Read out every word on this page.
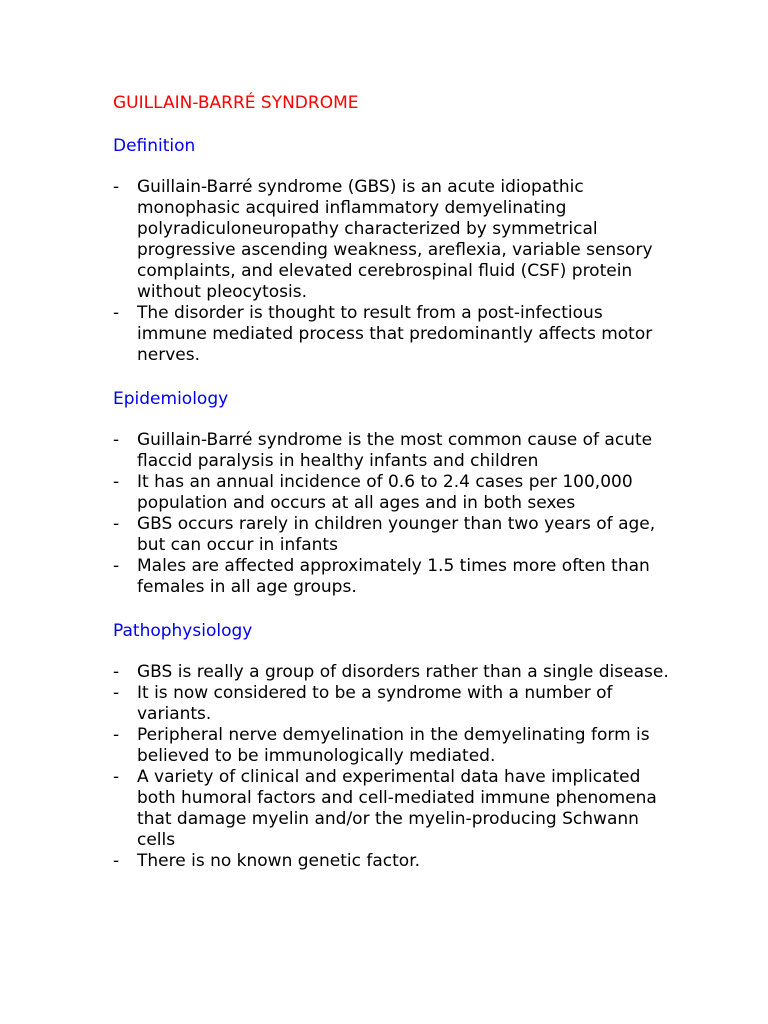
GUILLAIN-BARRÉ SYNDROME
Definition
- Guillain-Barré syndrome (GBS) is an acute idiopathic monophasic acquired inflammatory demyelinating polyradiculoneuropathy characterized by symmetrical progressive ascending weakness, areflexia, variable sensory complaints, and elevated cerebrospinal fluid (CSF) protein without pleocytosis.
- The disorder is thought to result from a post-infectious immune mediated process that predominantly affects motor nerves.
Epidemiology
- Guillain-Barré syndrome is the most common cause of acute flaccid paralysis in healthy infants and children
- It has an annual incidence of 0.6 to 2.4 cases per 100,000 population and occurs at all ages and in both sexes
- GBS occurs rarely in children younger than two years of age, but can occur in infants
- Males are affected approximately 1.5 times more often than females in all age groups.
Pathophysiology
- GBS is really a group of disorders rather than a single disease.
- It is now considered to be a syndrome with a number of variants.
- Peripheral nerve demyelination in the demyelinating form is believed to be immunologically mediated.
- A variety of clinical and experimental data have implicated both humoral factors and cell-mediated immune phenomena that damage myelin and/or the myelin-producing Schwann cells
- There is no known genetic factor.
